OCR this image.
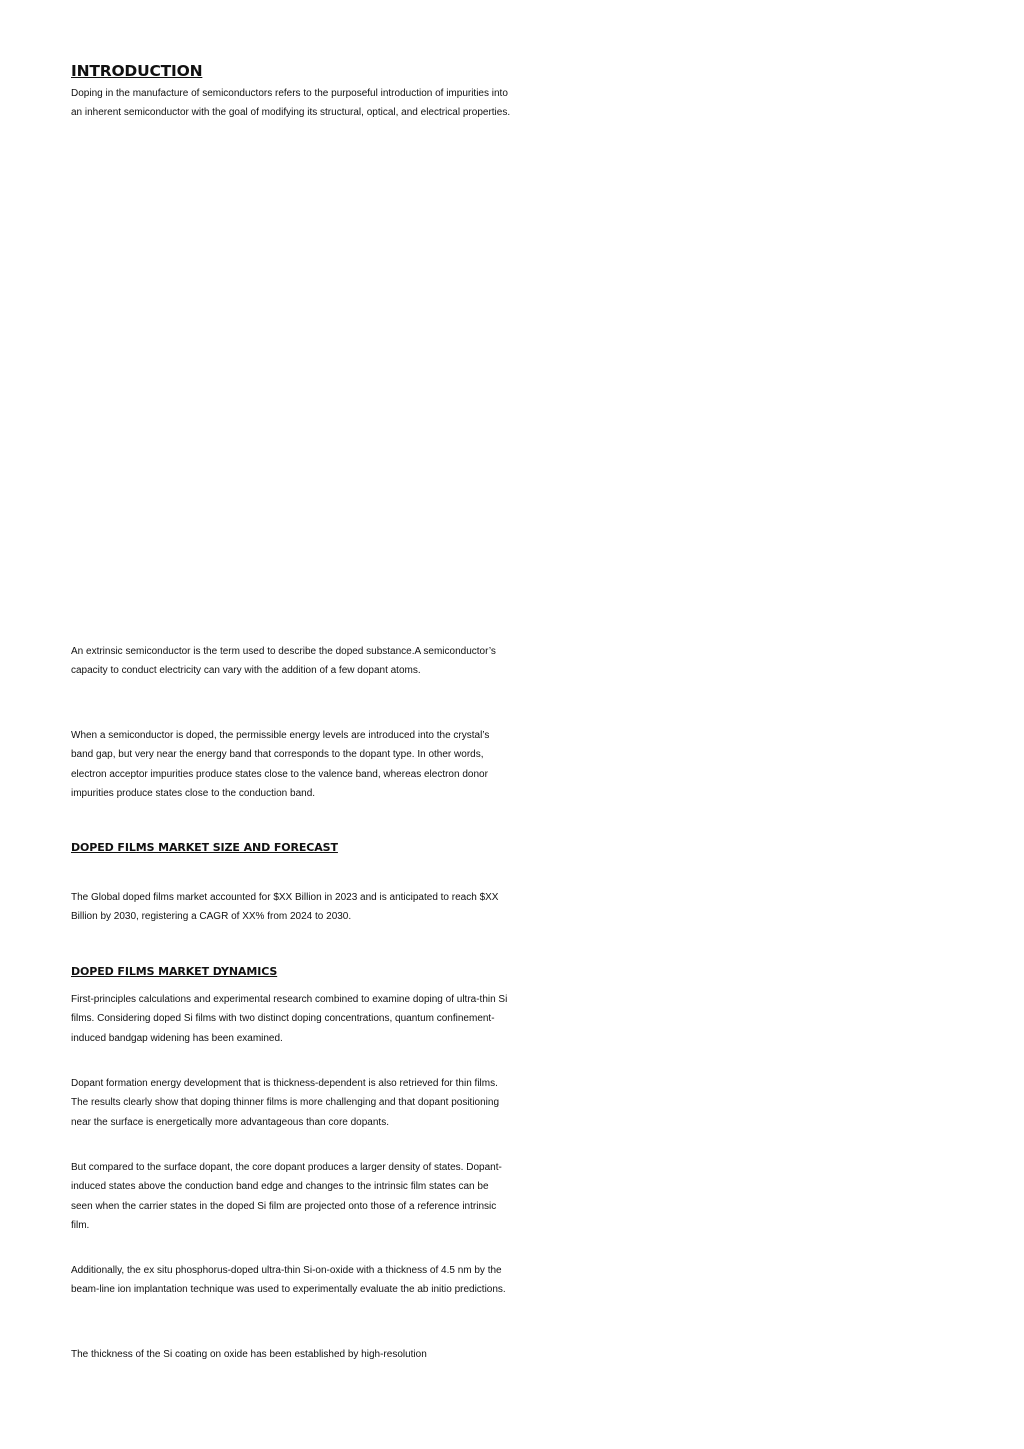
INTRODUCTION

Doping in the manufacture of semiconductors refers to the purposeful introduction of impurities into an inherent semiconductor with the goal of modifying its structural, optical, and electrical properties.

An extrinsic semiconductor is the term used to describe the doped substance.A semiconductor’s capacity to conduct electricity can vary with the addition of a few dopant atoms.

When a semiconductor is doped, the permissible energy levels are introduced into the crystal’s band gap, but very near the energy band that corresponds to the dopant type. In other words, electron acceptor impurities produce states close to the valence band, whereas electron donor impurities produce states close to the conduction band.

DOPED FILMS MARKET SIZE AND FORECAST

The Global doped films market accounted for $XX Billion in 2023 and is anticipated to reach $XX Billion by 2030, registering a CAGR of XX% from 2024 to 2030.

DOPED FILMS MARKET DYNAMICS

First-principles calculations and experimental research combined to examine doping of ultra-thin Si films. Considering doped Si films with two distinct doping concentrations, quantum confinement-induced bandgap widening has been examined.

Dopant formation energy development that is thickness-dependent is also retrieved for thin films. The results clearly show that doping thinner films is more challenging and that dopant positioning near the surface is energetically more advantageous than core dopants.

But compared to the surface dopant, the core dopant produces a larger density of states. Dopant-induced states above the conduction band edge and changes to the intrinsic film states can be seen when the carrier states in the doped Si film are projected onto those of a reference intrinsic film.

Additionally, the ex situ phosphorus-doped ultra-thin Si-on-oxide with a thickness of 4.5 nm by the beam-line ion implantation technique was used to experimentally evaluate the ab initio predictions.

The thickness of the Si coating on oxide has been established by high-resolution
